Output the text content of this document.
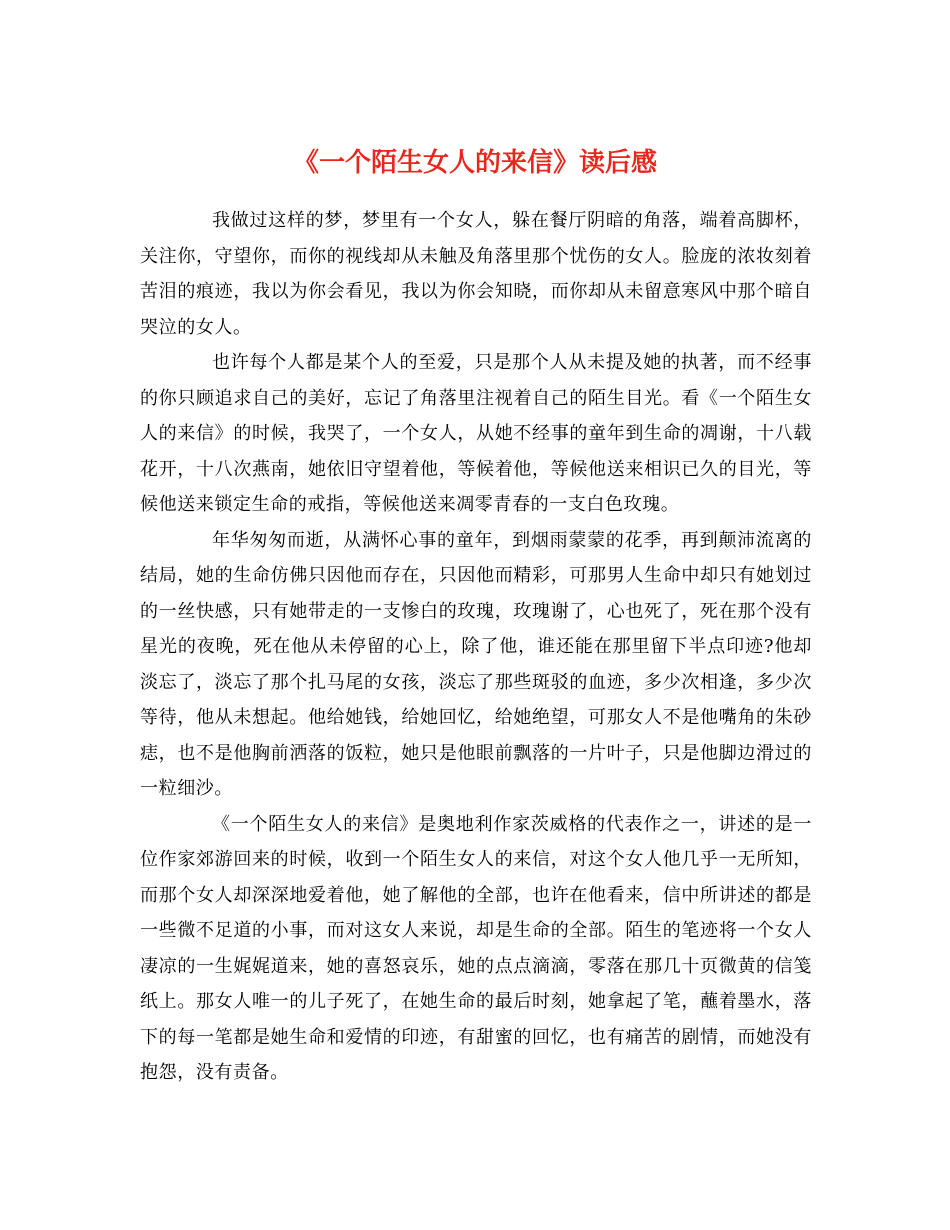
《一个陌生女人的来信》读后感

我做过这样的梦，梦里有一个女人，躲在餐厅阴暗的角落，端着高脚杯，关注你，守望你，而你的视线却从未触及角落里那个忧伤的女人。脸庞的浓妆刻着苦泪的痕迹，我以为你会看见，我以为你会知晓，而你却从未留意寒风中那个暗自哭泣的女人。

也许每个人都是某个人的至爱，只是那个人从未提及她的执著，而不经事的你只顾追求自己的美好，忘记了角落里注视着自己的陌生目光。看《一个陌生女人的来信》的时候，我哭了，一个女人，从她不经事的童年到生命的凋谢，十八载花开，十八次燕南，她依旧守望着他，等候着他，等候他送来相识已久的目光，等候他送来锁定生命的戒指，等候他送来凋零青春的一支白色玫瑰。

年华匆匆而逝，从满怀心事的童年，到烟雨蒙蒙的花季，再到颠沛流离的结局，她的生命仿佛只因他而存在，只因他而精彩，可那男人生命中却只有她划过的一丝快感，只有她带走的一支惨白的玫瑰，玫瑰谢了，心也死了，死在那个没有星光的夜晚，死在他从未停留的心上，除了他，谁还能在那里留下半点印迹?他却淡忘了，淡忘了那个扎马尾的女孩，淡忘了那些斑驳的血迹，多少次相逢，多少次等待，他从未想起。他给她钱，给她回忆，给她绝望，可那女人不是他嘴角的朱砂痣，也不是他胸前洒落的饭粒，她只是他眼前飘落的一片叶子，只是他脚边滑过的一粒细沙。

《一个陌生女人的来信》是奥地利作家茨威格的代表作之一，讲述的是一位作家郊游回来的时候，收到一个陌生女人的来信，对这个女人他几乎一无所知，而那个女人却深深地爱着他，她了解他的全部，也许在他看来，信中所讲述的都是一些微不足道的小事，而对这女人来说，却是生命的全部。陌生的笔迹将一个女人凄凉的一生娓娓道来，她的喜怒哀乐，她的点点滴滴，零落在那几十页微黄的信笺纸上。那女人唯一的儿子死了，在她生命的最后时刻，她拿起了笔，蘸着墨水，落下的每一笔都是她生命和爱情的印迹，有甜蜜的回忆，也有痛苦的剧情，而她没有抱怨，没有责备。
